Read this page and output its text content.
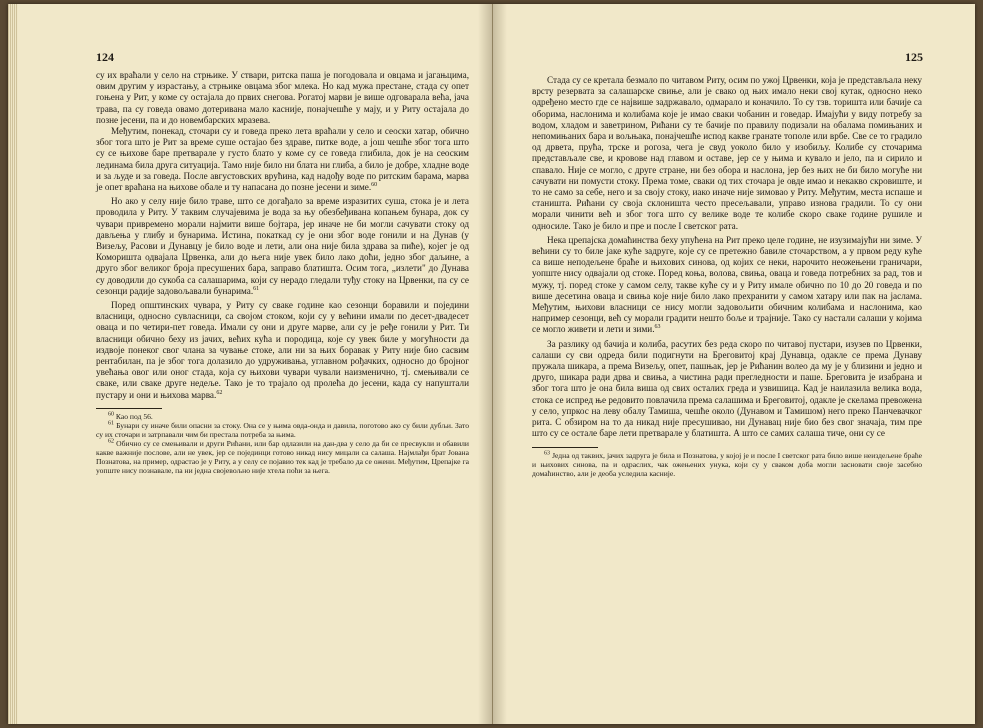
124

су их враћали у село на стрњике. У ствари, ритска паша је погодовала и овцама и јагањцима, овим другим у израстању, а стрњике овцама због млека. Но кад мужа престане, стада су опет гоњена у Рит, у коме су остајала до првих снегова. Рогатој марви је више одговарала већа, јача трава, па су говеда овамо дотеривана мало касније, понајчешће у мају, и у Риту остајала до позне јесени, па и до новембарских мразева.

Међутим, понекад, сточари су и говеда преко лета враћали у село и сеоски хатар, обично због тога што је Рит за време суше остајао без здраве, питке воде, а још чешће због тога што су се њихове баре претварале у густо блато у коме су се говеда глибила, док је на сеоским лединама била друга ситуација. Тамо није било ни блата ни глиба, а било је добре, хладне воде и за људе и за говеда. После августовских врућина, кад надођу воде по ритским барама, марва је опет враћана на њихове обале и ту напасана до позне јесени и зиме.$^{60}$

Но ако у селу није било траве, што се догађало за време изразитих суша, стока је и лета проводила у Риту. У таквим случајевима је вода за њу обезбеђивана копањем бунара, док су чувари привремено морали најмити више бојтара, јер иначе не би могли сачувати стоку од дављења у глибу и бунарима. Истина, покаткад су је они због воде гонили и на Дунав (у Визељу, Расови и Дунавцу је било воде и лети, али она није била здрава за пиће), којег је од Коморишта одвајала Црвенка, али до њега није увек било лако доћи, једно због даљине, а друго због великог броја пресушених бара, заправо блатишта. Осим тога, „излети" до Дунава су доводили до сукоба са салашарима, који су нерадо гледали туђу стоку на Црвенки, па су се сезонци радије задовољавали бунарима.$^{61}$

Поред општинских чувара, у Риту су сваке године као сезонци боравили и поједини власници, односно сувласници, са својом стоком, који су у већини имали по десет-двадесет оваца и по четири-пет говеда. Имали су они и друге марве, али су је ређе гонили у Рит. Ти власници обично беху из јачих, већих кућа и породица, које су увек биле у могућности да издвоје понеког свог члана за чување стоке, али ни за њих боравак у Риту није био сасвим рентабилан, па је због тога долазило до удруживања, углавном рођачких, односно до бројног увећања овог или оног стада, која су њихови чувари чували наизменично, тј. смењивали се сваке, или сваке друге недеље. Тако је то трајало од пролећа до јесени, када су напуштали пустару и они и њихова марва.$^{62}$

$^{60}$ Као под 56.

$^{61}$ Бунари су иначе били опасни за стоку. Она се у њима овда-онда и давила, поготово ако су били дубљи. Зато су их сточари и затрпавали чим би престала потреба за њима.

$^{62}$ Обично су се смењивали и други Рићани, или бар одлазили на дан-два у село да би се пресвукли и обавили какве важније послове, али не увек, јер се појединци готово никад нису мицали са салаша. Најмлађи брат Јована Познатова, на пример, одрастао је у Риту, а у селу се појавио тек кад је требало да се ожени. Међутим, Црепајке га уопште нису познавале, па ни једна својевољно није хтела поћи за њега.

125

Стада су се кретала безмало по читавом Риту, осим по ужој Црвенки, која је представљала неку врсту резервата за салашарске свиње, али је свако од њих имало неки свој кутак, односно некo одређено место где се највише задржавало, одмарало и коначило. То су тзв. торишта или бачије са оборима, наслонима и колибама које је имао сваки чобанин и говедар. Имајући у виду потребу за водом, хладом и заветрином, Рићани су те бачије по правилу подизали на обалама помињаних и непомињаних бара и вољњака, понајчешће испод какве гранате тополе или врбе. Све се то градило од дрвета, прућа, трске и рогоза, чега је свуд уоколо било у изобиљу. Колибе су сточарима представљале све, и кровове над главом и оставе, јер се у њима и кувало и јело, па и сирило и спавало. Није се могло, с друге стране, ни без обора и наслона, јер без њих не би било могуће ни сачувати ни помусти стоку. Према томе, сваки од тих сточара је овде имао и некакво скровиште, и то не само за себе, него и за своју стоку, иако иначе није зимовао у Риту. Међутим, места испаше и станишта. Рићани су своја склоништа често пресељавали, управо изнова градили. То су они морали чинити већ и због тога што су велике воде те колибе скоро сваке године рушиле и односиле. Тако је било и пре и после I светског рата.

Нека црепајска домаћинства беху упућена на Рит преко целе године, не изузимајући ни зиме. У већини су то биле јаке куће задруге, које су се претежно бавиле сточарством, а у првом реду куће са више неподељене браће и њихових синова, од којих се неки, нарочито неожењени граничари, уопште нису одвајали од стоке. Поред коња, волова, свиња, оваца и говеда потребних за рад, тов и мужу, тј. поред стоке у самом селу, такве куће су и у Риту имале обично по 10 до 20 говеда и по више десетина оваца и свиња које није било лако прехранити у самом хатару или пак на јаслама. Међутим, њихови власници се нису могли задовољити обичним колибама и наслонима, као например сезонци, већ су морали градити нешто боље и трајније. Тако су настали салаши у којима се могло живети и лети и зими.$^{63}$

За разлику од бачија и колиба, расутих без реда скоро по читавој пустари, изузев по Црвенки, салаши су сви одреда били подигнути на Бреговитој крај Дунавца, одакле се према Дунаву пружала шикара, а према Визељу, опет, пашњак, јер је Рићанин волео да му је у близини и једно и друго, шикара ради дрва и свиња, а чистина ради прегледности и паше. Бреговита је изабрана и због тога што је она била виша од свих осталих греда и узвишица. Кад је наилазила велика вода, стока се испред ње редовито повлачила према салашима и Бреговитој, одакле је скелама превожена у село, упркос на леву обалу Тамиша, чешће около (Дунавом и Тамишом) него преко Панчевачког рита. С обзиром на то да никад није пресушивао, ни Дунавац није био без свог значаја, тим пре што су се остале баре лети претварале у блатишта. А што се самих салаша тиче, они су се

$^{63}$ Једна од таквих, јачих задруга је била и Познатова, у којој је и после I светског рата било више неиздељене браће и њихових синова, па и одраслих, чак ожењених унука, који су у сваком доба могли засновати своје засебно домаћинство, али је деоба уследила касније.
